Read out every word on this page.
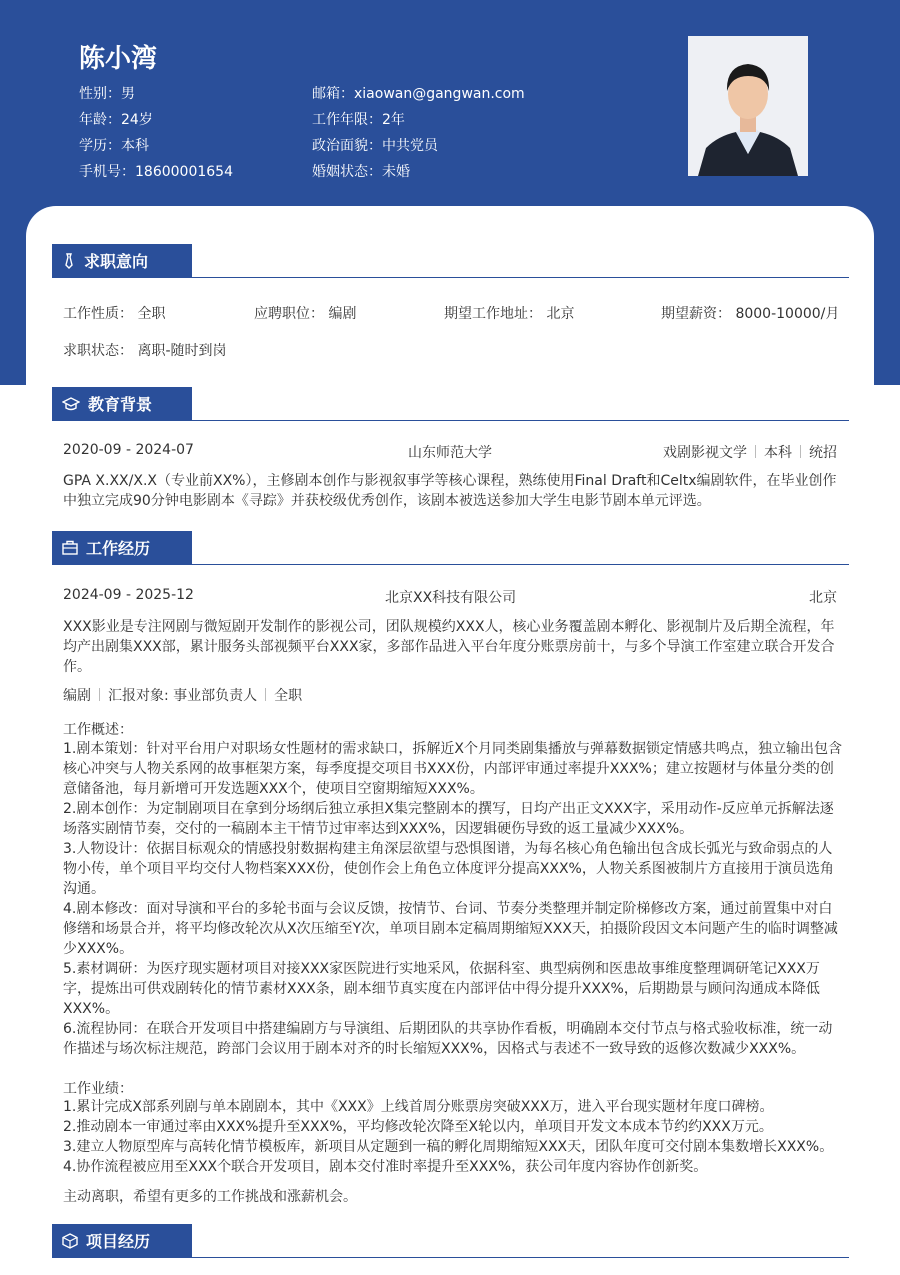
陈小湾
性别：男
年龄：24岁
学历：本科
手机号：18600001654
邮箱：xiaowan@gangwan.com
工作年限：2年
政治面貌：中共党员
婚姻状态：未婚
求职意向
工作性质： 全职	应聘职位： 编剧	期望工作地址： 北京	期望薪资： 8000-10000/月
求职状态： 离职-随时到岗
教育背景
2020-09 - 2024-07	山东师范大学	戏剧影视文学 本科 统招
GPA X.XX/X.X（专业前XX%），主修剧本创作与影视叙事学等核心课程，熟练使用Final Draft和Celtx编剧软件，在毕业创作中独立完成90分钟电影剧本《寻踪》并获校级优秀创作，该剧本被选送参加大学生电影节剧本单元评选。
工作经历
2024-09 - 2025-12	北京XX科技有限公司	北京
XXX影业是专注网剧与微短剧开发制作的影视公司，团队规模约XXX人，核心业务覆盖剧本孵化、影视制片及后期全流程，年均产出剧集XXX部，累计服务头部视频平台XXX家，多部作品进入平台年度分账票房前十，与多个导演工作室建立联合开发合作。
编剧 汇报对象: 事业部负责人 全职
工作概述：
1.剧本策划：针对平台用户对职场女性题材的需求缺口，拆解近X个月同类剧集播放与弹幕数据锁定情感共鸣点，独立输出包含核心冲突与人物关系网的故事框架方案，每季度提交项目书XXX份，内部评审通过率提升XXX%；建立按题材与体量分类的创意储备池，每月新增可开发选题XXX个，使项目空窗期缩短XXX%。
2.剧本创作：为定制剧项目在拿到分场纲后独立承担X集完整剧本的撰写，日均产出正文XXX字，采用动作-反应单元拆解法逐场落实剧情节奏，交付的一稿剧本主干情节过审率达到XXX%，因逻辑硬伤导致的返工量减少XXX%。
3.人物设计：依据目标观众的情感投射数据构建主角深层欲望与恐惧图谱，为每名核心角色输出包含成长弧光与致命弱点的人物小传，单个项目平均交付人物档案XXX份，使创作会上角色立体度评分提高XXX%，人物关系图被制片方直接用于演员选角沟通。
4.剧本修改：面对导演和平台的多轮书面与会议反馈，按情节、台词、节奏分类整理并制定阶梯修改方案，通过前置集中对白修缮和场景合并，将平均修改轮次从X次压缩至Y次，单项目剧本定稿周期缩短XXX天，拍摄阶段因文本问题产生的临时调整减少XXX%。
5.素材调研：为医疗现实题材项目对接XXX家医院进行实地采风，依据科室、典型病例和医患故事维度整理调研笔记XXX万字，提炼出可供戏剧转化的情节素材XXX条，剧本细节真实度在内部评估中得分提升XXX%，后期勘景与顾问沟通成本降低XXX%。
6.流程协同：在联合开发项目中搭建编剧方与导演组、后期团队的共享协作看板，明确剧本交付节点与格式验收标准，统一动作描述与场次标注规范，跨部门会议用于剧本对齐的时长缩短XXX%，因格式与表述不一致导致的返修次数减少XXX%。
工作业绩：
1.累计完成X部系列剧与单本剧剧本，其中《XXX》上线首周分账票房突破XXX万，进入平台现实题材年度口碑榜。
2.推动剧本一审通过率由XXX%提升至XXX%，平均修改轮次降至X轮以内，单项目开发文本成本节约约XXX万元。
3.建立人物原型库与高转化情节模板库，新项目从定题到一稿的孵化周期缩短XXX天，团队年度可交付剧本集数增长XXX%。
4.协作流程被应用至XXX个联合开发项目，剧本交付准时率提升至XXX%，获公司年度内容协作创新奖。
主动离职，希望有更多的工作挑战和涨薪机会。
项目经历
